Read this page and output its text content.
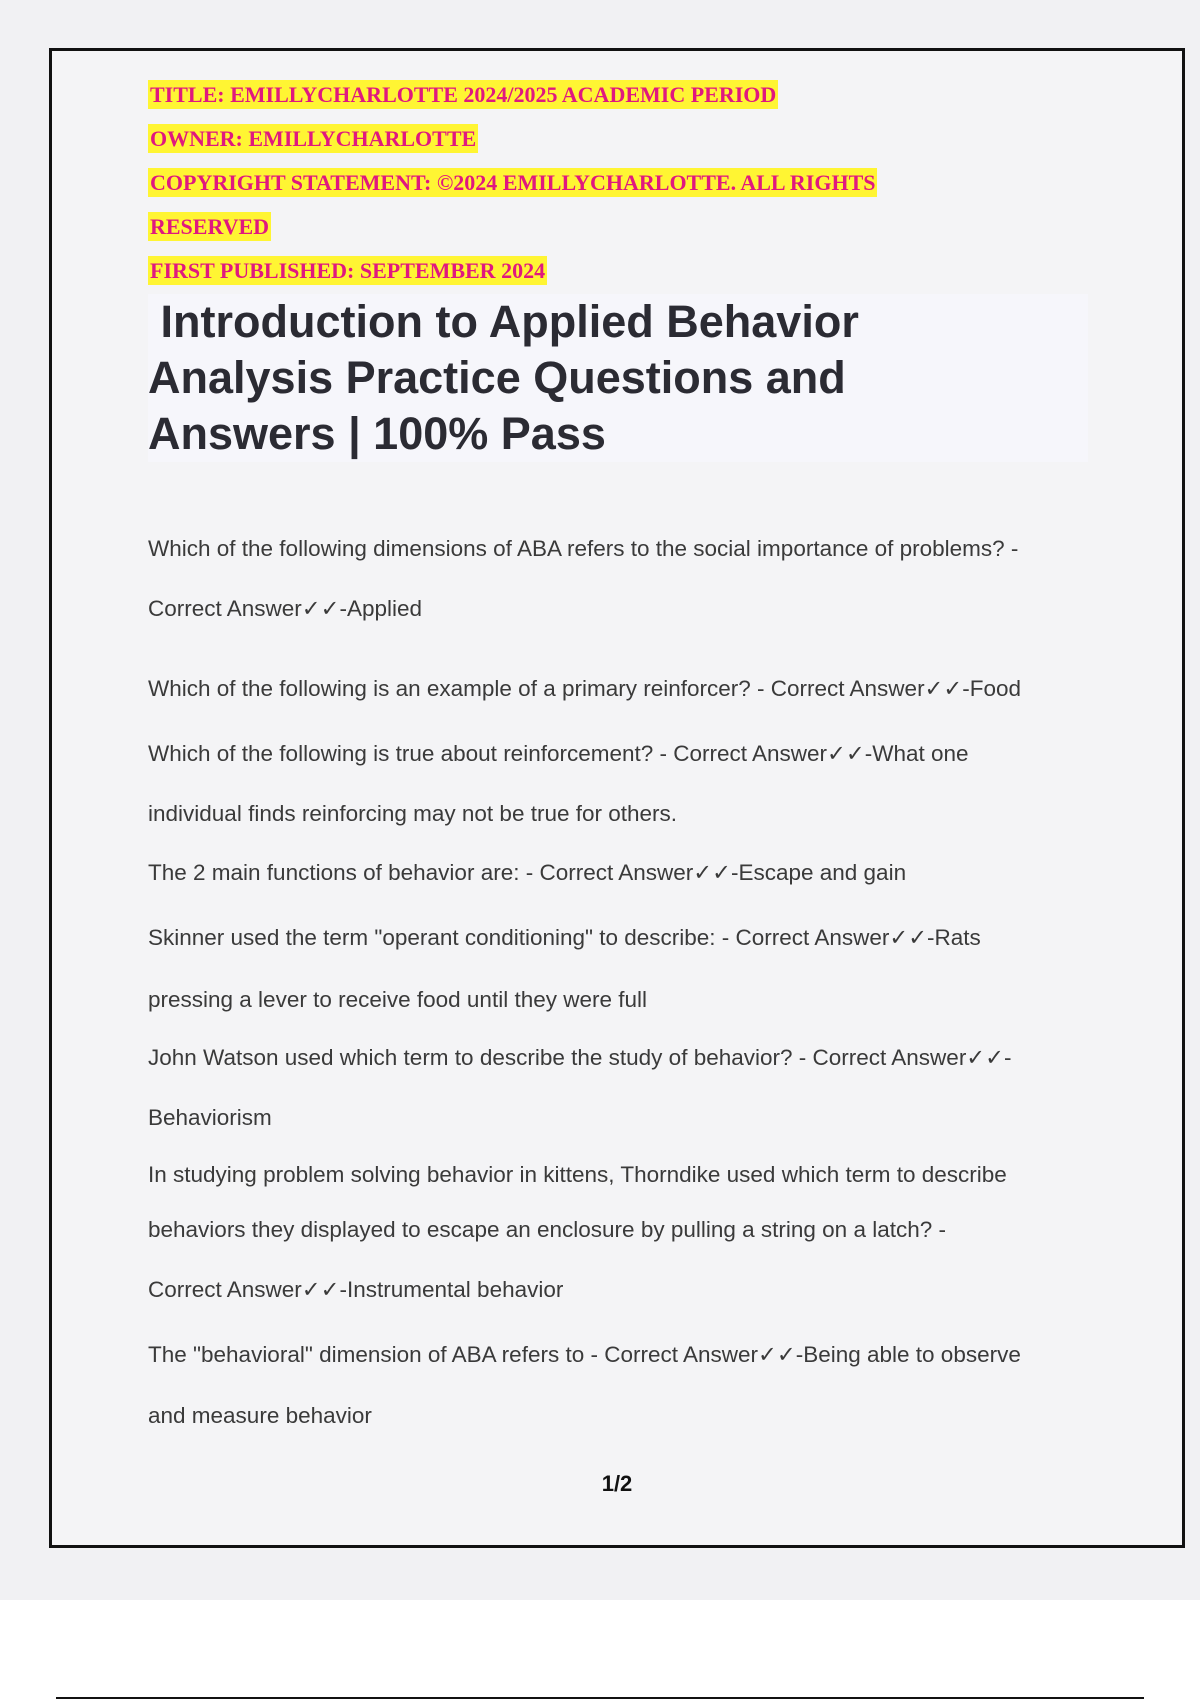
TITLE: EMILLYCHARLOTTE 2024/2025 ACADEMIC PERIOD
OWNER: EMILLYCHARLOTTE
COPYRIGHT STATEMENT: ©2024 EMILLYCHARLOTTE. ALL RIGHTS
RESERVED
FIRST PUBLISHED: SEPTEMBER 2024
Introduction to Applied Behavior
Analysis Practice Questions and
Answers | 100% Pass
Which of the following dimensions of ABA refers to the social importance of problems? -
Correct Answer✓✓-Applied
Which of the following is an example of a primary reinforcer? - Correct Answer✓✓-Food
Which of the following is true about reinforcement? - Correct Answer✓✓-What one
individual finds reinforcing may not be true for others.
The 2 main functions of behavior are: - Correct Answer✓✓-Escape and gain
Skinner used the term "operant conditioning" to describe: - Correct Answer✓✓-Rats
pressing a lever to receive food until they were full
John Watson used which term to describe the study of behavior? - Correct Answer✓✓-
Behaviorism
In studying problem solving behavior in kittens, Thorndike used which term to describe
behaviors they displayed to escape an enclosure by pulling a string on a latch? -
Correct Answer✓✓-Instrumental behavior
The "behavioral" dimension of ABA refers to - Correct Answer✓✓-Being able to observe
and measure behavior
1/2
